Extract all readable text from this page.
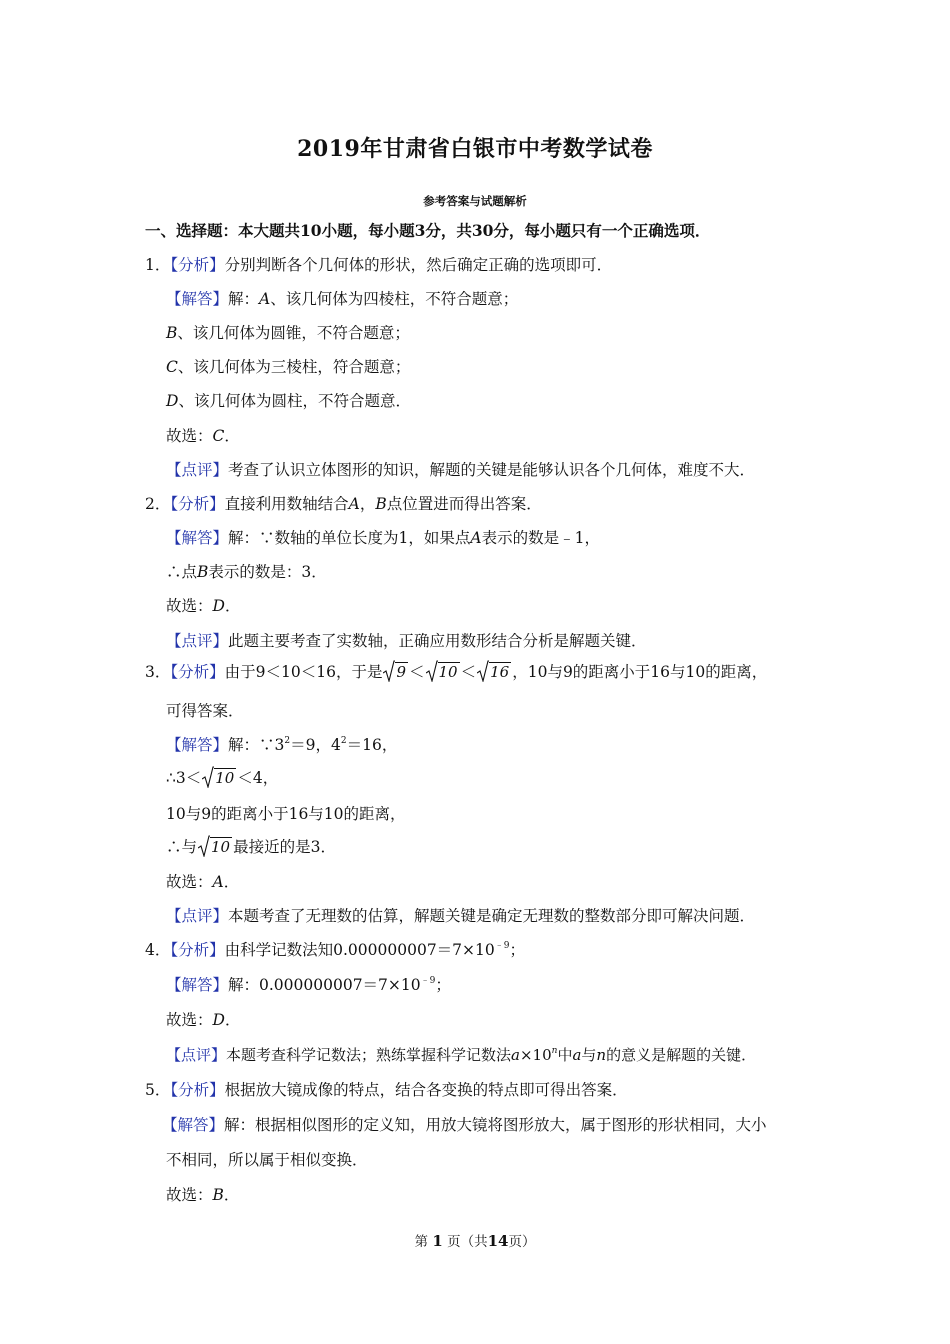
2019年甘肃省白银市中考数学试卷
参考答案与试题解析
一、选择题：本大题共10小题，每小题3分，共30分，每小题只有一个正确选项．
1．【分析】分别判断各个几何体的形状，然后确定正确的选项即可．
【解答】解：A、该几何体为四棱柱，不符合题意；
B、该几何体为圆锥，不符合题意；
C、该几何体为三棱柱，符合题意；
D、该几何体为圆柱，不符合题意．
故选：C．
【点评】考查了认识立体图形的知识，解题的关键是能够认识各个几何体，难度不大．
2．【分析】直接利用数轴结合A，B点位置进而得出答案．
【解答】解：∵数轴的单位长度为1，如果点A表示的数是﹣1，
∴点B表示的数是：3．
故选：D．
【点评】此题主要考查了实数轴，正确应用数形结合分析是解题关键．
3．【分析】由于9＜10＜16，于是 9 ＜ 10 ＜ 16 ，10与9的距离小于16与10的距离，
可得答案．
【解答】解：$\because 3^2=9$，$4^2=16$，
∴3＜ 10 ＜4，
10与9的距离小于16与10的距离，
∴与 10 最接近的是3．
故选：A．
【点评】本题考查了无理数的估算，解题关键是确定无理数的整数部分即可解决问题．
4．【分析】由科学记数法知$0.000000007=7\times 10^{﹣9}$；
【解答】解：$0.000000007=7\times 10^{﹣9}$；
故选：D．
【点评】本题考查科学记数法；熟练掌握科学记数法$a\times 10^n$中a与n的意义是解题的关键．
5．【分析】根据放大镜成像的特点，结合各变换的特点即可得出答案．
【解答】解：根据相似图形的定义知，用放大镜将图形放大，属于图形的形状相同，大小
不相同，所以属于相似变换．
故选：B．
第 1 页（共14页）
